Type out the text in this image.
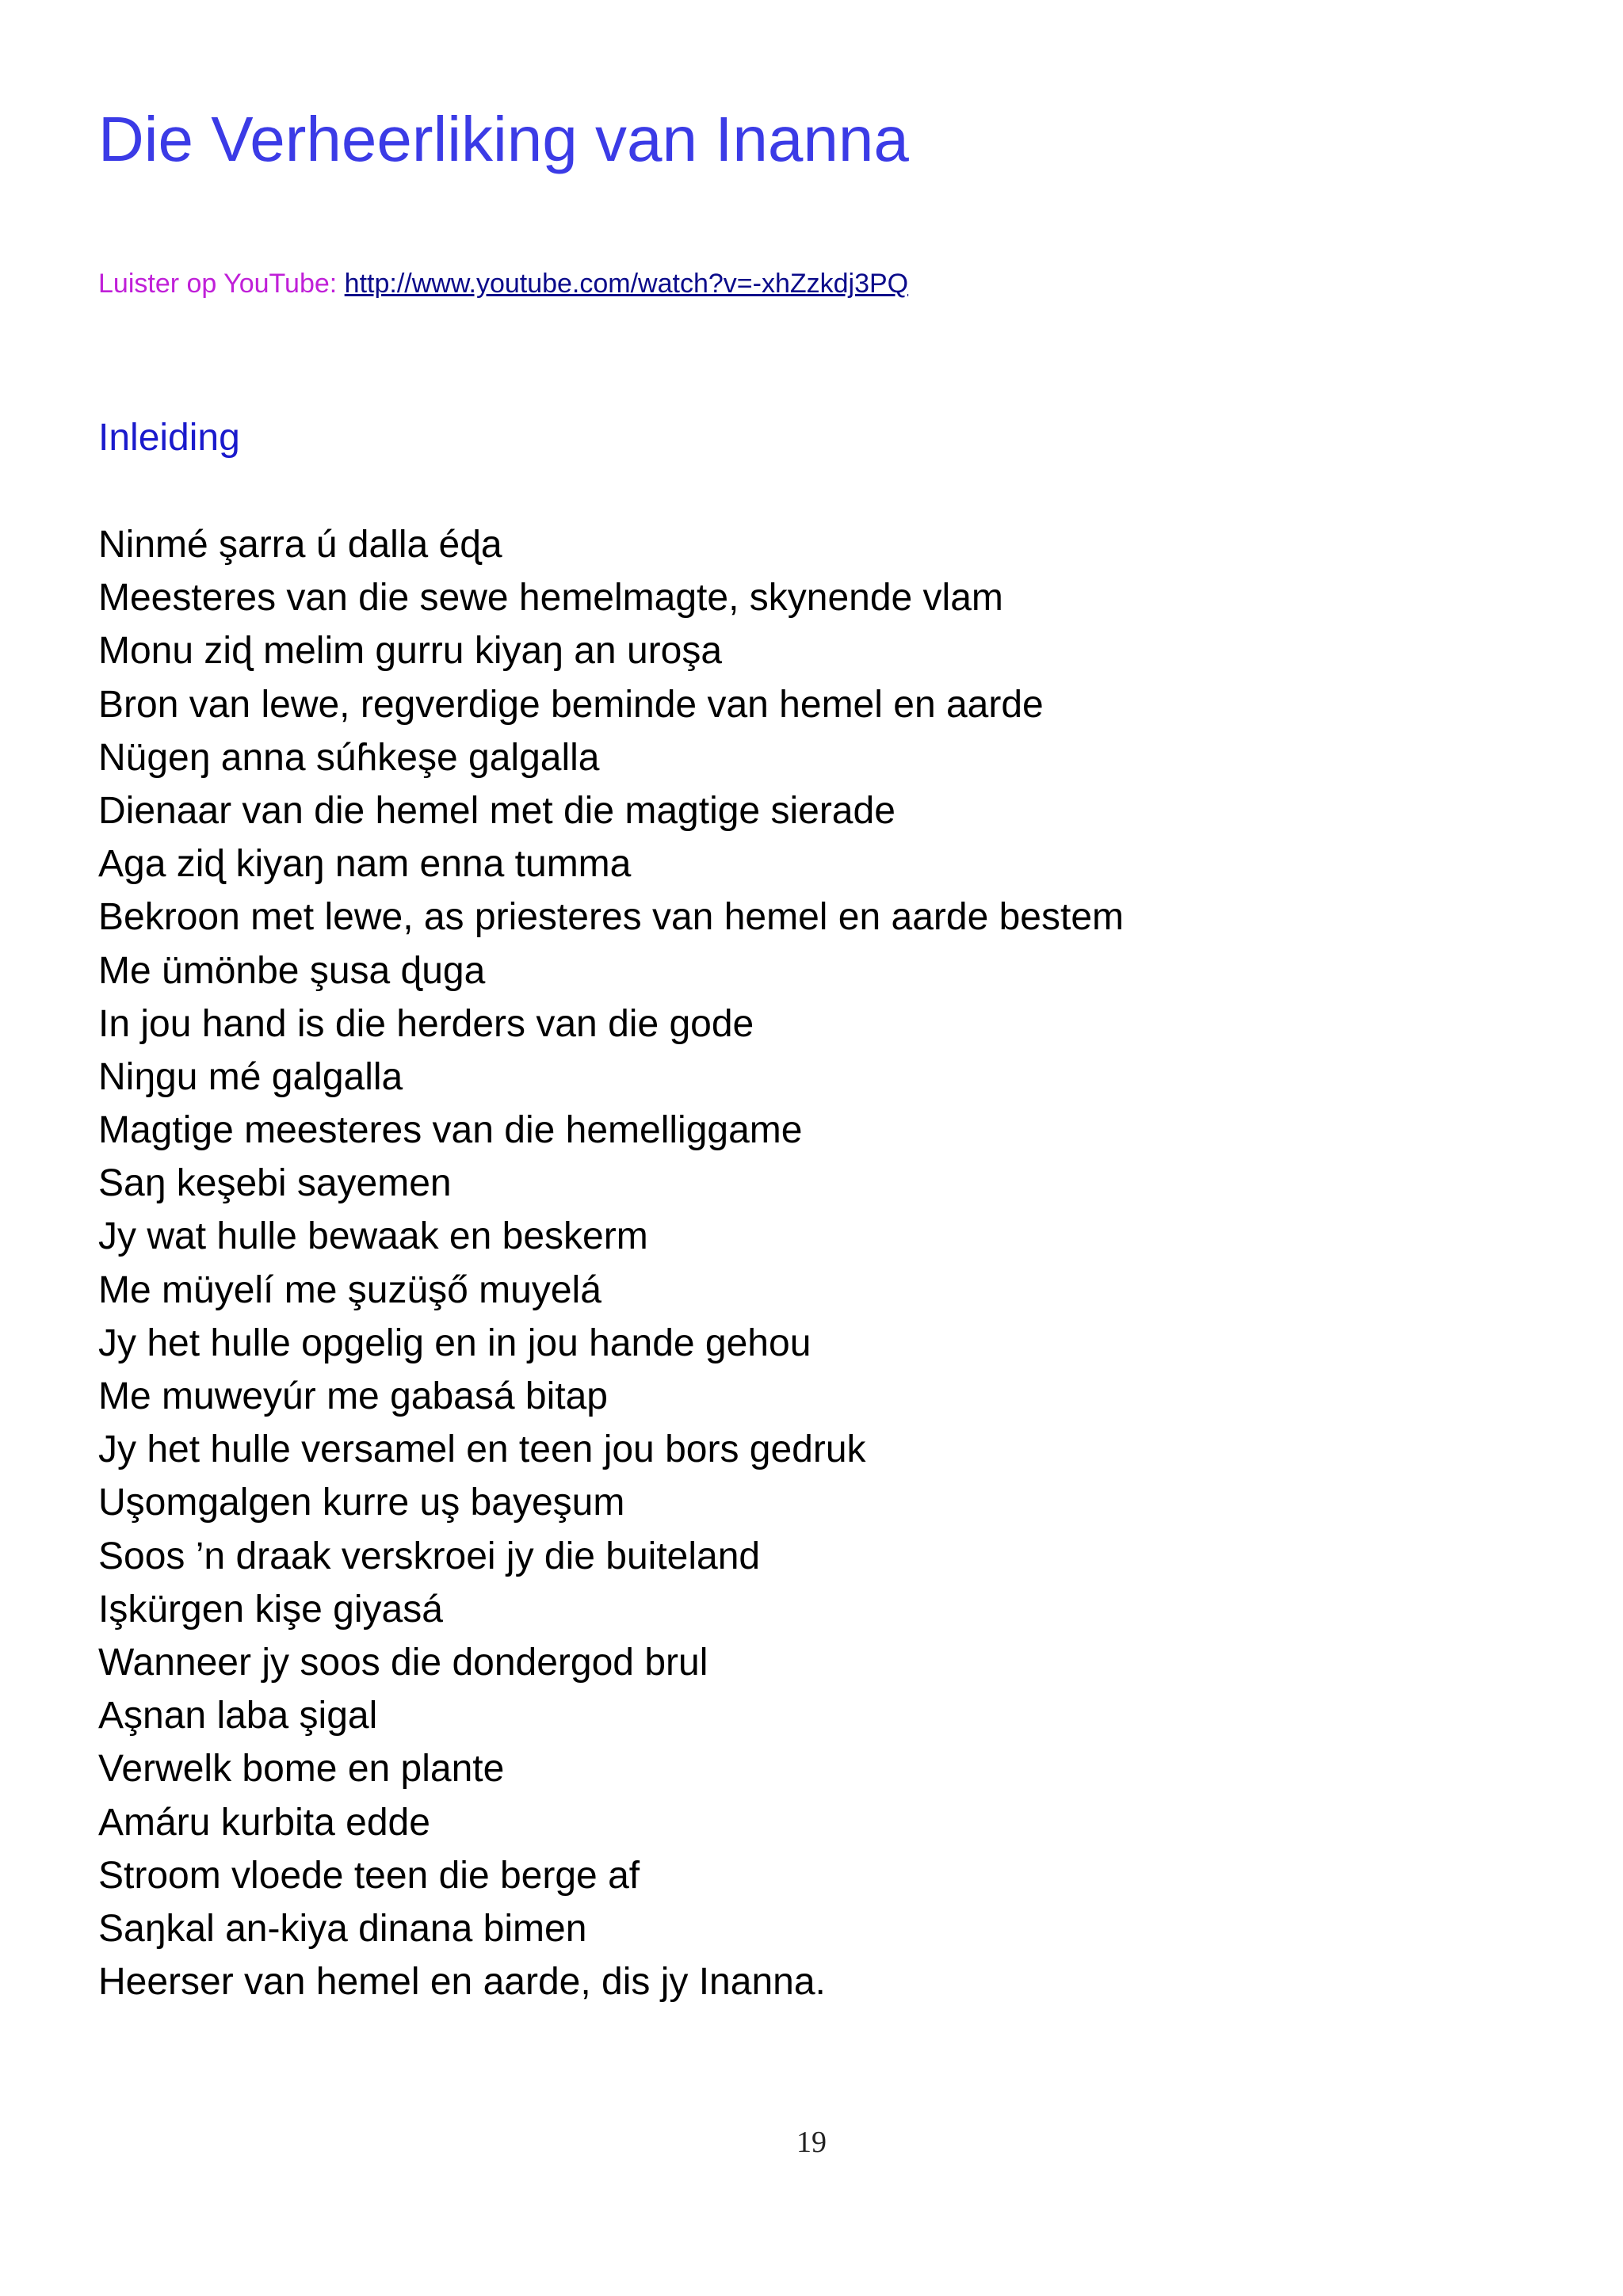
Die Verheerliking van Inanna
Luister op YouTube: http://www.youtube.com/watch?v=-xhZzkdj3PQ
Inleiding
Ninmé şarra ú dalla éɖa
Meesteres van die sewe hemelmagte, skynende vlam
Monu ziɖ melim gurru kiyaŋ an uroşa
Bron van lewe, regverdige beminde van hemel en aarde
Nügeŋ anna súɦkeşe galgalla
Dienaar van die hemel met die magtige sierade
Aga ziɖ kiyaŋ nam enna tumma
Bekroon met lewe, as priesteres van hemel en aarde bestem
Me ümönbe şusa ɖuga
In jou hand is die herders van die gode
Niŋgu mé galgalla
Magtige meesteres van die hemelliggame
Saŋ keşebi sayemen
Jy wat hulle bewaak en beskerm
Me müyelí me şuzüşő muyelá
Jy het hulle opgelig en in jou hande gehou
Me muweyúr me gabasá bitap
Jy het hulle versamel en teen jou bors gedruk
Uşomgalgen kurre uş bayeşum
Soos ’n draak verskroei jy die buiteland
Işkürgen kişe giyasá
Wanneer jy soos die dondergod brul
Aşnan laba şigal
Verwelk bome en plante
Amáru kurbita edde
Stroom vloede teen die berge af
Saŋkal an-kiya dinana bimen
Heerser van hemel en aarde, dis jy Inanna.
19
